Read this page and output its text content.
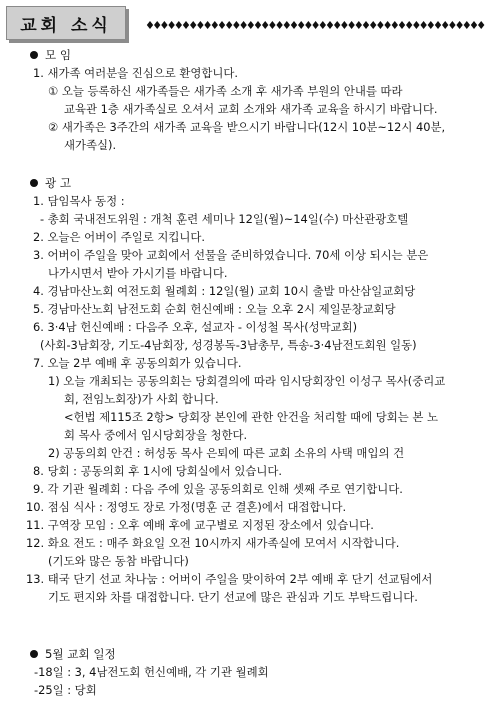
교회 소식
모 임
1. 새가족 여러분을 진심으로 환영합니다.
① 오늘 등록하신 새가족들은 새가족 소개 후 새가족 부원의 안내를 따라
교육관 1층 새가족실로 오셔서 교회 소개와 새가족 교육을 하시기 바랍니다.
② 새가족은 3주간의 새가족 교육을 받으시기 바랍니다(12시 10분~12시 40분,
새가족실).
광 고
1. 담임목사 동정 :
- 총회 국내전도위원 : 개척 훈련 세미나 12일(월)~14일(수) 마산관광호텔
2. 오늘은 어버이 주일로 지킵니다.
3. 어버이 주일을 맞아 교회에서 선물을 준비하였습니다. 70세 이상 되시는 분은
나가시면서 받아 가시기를 바랍니다.
4. 경남마산노회 여전도회 월례회 : 12일(월) 교회 10시 출발 마산삼일교회당
5. 경남마산노회 남전도회 순회 헌신예배 : 오늘 오후 2시 제일문창교회당
6. 3·4남 헌신예배 : 다음주 오후, 설교자 - 이성철 목사(성막교회)
(사회-3남회장, 기도-4남회장, 성경봉독-3남총무, 특송-3·4남전도회원 일동)
7. 오늘 2부 예배 후 공동의회가 있습니다.
1) 오늘 개최되는 공동의회는 당회결의에 따라 임시당회장인 이성구 목사(중리교
회, 전임노회장)가 사회 합니다.
<헌법 제115조 2항> 당회장 본인에 관한 안건을 처리할 때에 당회는 본 노
회 목사 중에서 임시당회장을 청한다.
2) 공동의회 안건 : 허성동 목사 은퇴에 따른 교회 소유의 사택 매입의 건
8. 당회 : 공동의회 후 1시에 당회실에서 있습니다.
9. 각 기관 월례회 : 다음 주에 있을 공동의회로 인해 셋째 주로 연기합니다.
10. 점심 식사 : 정영도 장로 가정(명훈 군 결혼)에서 대접합니다.
11. 구역장 모임 : 오후 예배 후에 교구별로 지정된 장소에서 있습니다.
12. 화요 전도 : 매주 화요일 오전 10시까지 새가족실에 모여서 시작합니다.
(기도와 많은 동참 바랍니다)
13. 태국 단기 선교 차나눔 : 어버이 주일을 맞이하여 2부 예배 후 단기 선교팀에서
기도 편지와 차를 대접합니다. 단기 선교에 많은 관심과 기도 부탁드립니다.
5월 교회 일정
-18일 : 3, 4남전도회 헌신예배, 각 기관 월례회
-25일 : 당회
